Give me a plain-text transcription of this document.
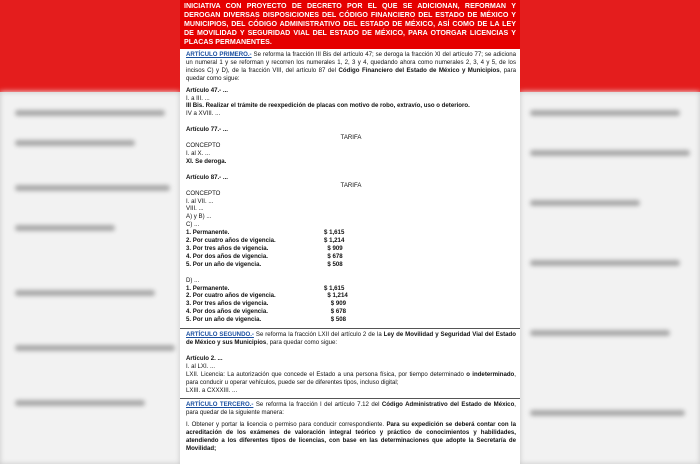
INICIATIVA CON PROYECTO DE DECRETO POR EL QUE SE ADICIONAN, REFORMAN Y DEROGAN DIVERSAS DISPOSICIONES DEL CÓDIGO FINANCIERO DEL ESTADO DE MÉXICO Y MUNICIPIOS, DEL CÓDIGO ADMINISTRATIVO DEL ESTADO DE MÉXICO, ASÍ COMO DE LA LEY DE MOVILIDAD Y SEGURIDAD VIAL DEL ESTADO DE MÉXICO, PARA OTORGAR LICENCIAS Y PLACAS PERMANENTES.

ARTÍCULO PRIMERO.- Se reforma la fracción III Bis del artículo 47; se deroga la fracción XI del artículo 77; se adiciona un numeral 1 y se reforman y recorren los numerales 1, 2, 3 y 4, quedando ahora como numerales 2, 3, 4 y 5, de los incisos C) y D), de la fracción VIII, del artículo 87 del Código Financiero del Estado de México y Municipios, para quedar como sigue:

Artículo 47.- ...

I. a III. ...

III Bis. Realizar el trámite de reexpedición de placas con motivo de robo, extravío, uso o deterioro.

IV a XVIII. ...

Artículo 77.- ...

TARIFA

CONCEPTO

I. al X. ...

XI. Se deroga.

Artículo 87.- ...

TARIFA

CONCEPTO

I. al VII. ...

VIII. ...

A) y B) ...

C) ...

1. Permanente.	$ 1,615
2. Por cuatro años de vigencia.	$ 1,214
3. Por tres años de vigencia.	$ 909
4. Por dos años de vigencia.	$ 678
5. Por un año de vigencia.	$ 508

D) ...

1. Permanente.	$ 1,615
2. Por cuatro años de vigencia.	$ 1,214
3. Por tres años de vigencia.	$ 909
4. Por dos años de vigencia.	$ 678
5. Por un año de vigencia.	$ 508

ARTÍCULO SEGUNDO.- Se reforma la fracción LXII del artículo 2 de la Ley de Movilidad y Seguridad Vial del Estado de México y sus Municipios, para quedar como sigue:

Artículo 2. ...

I. al LXI. ...

LXII. Licencia: La autorización que concede el Estado a una persona física, por tiempo determinado o indeterminado, para conducir u operar vehículos, puede ser de diferentes tipos, incluso digital;

LXIII. a CXXXIII. ...

ARTÍCULO TERCERO.- Se reforma la fracción I del artículo 7.12 del Código Administrativo del Estado de México, para quedar de la siguiente manera:

I. Obtener y portar la licencia o permiso para conducir correspondiente. Para su expedición se deberá contar con la acreditación de los exámenes de valoración integral teórico y práctico de conocimientos y habilidades, atendiendo a los diferentes tipos de licencias, con base en las determinaciones que adopte la Secretaría de Movilidad;
